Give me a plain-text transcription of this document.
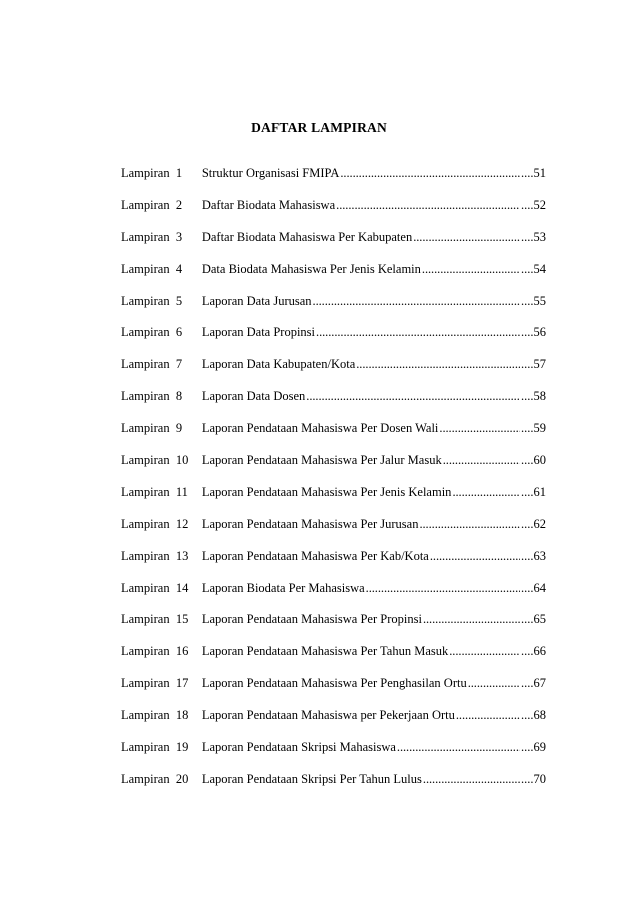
DAFTAR LAMPIRAN
Lampiran 1	Struktur Organisasi FMIPA . . .	....51
Lampiran 2	Daftar Biodata Mahasiswa . . .	....52
Lampiran 3	Daftar Biodata Mahasiswa Per Kabupaten . . .	....53
Lampiran 4	Data Biodata Mahasiswa Per Jenis Kelamin . . .	....54
Lampiran 5	Laporan Data Jurusan . . .	....55
Lampiran 6	Laporan Data Propinsi . . .	....56
Lampiran 7	Laporan Data Kabupaten/Kota . . .	....57
Lampiran 8	Laporan Data Dosen . . .	....58
Lampiran 9	Laporan Pendataan Mahasiswa Per Dosen Wali . . .	....59
Lampiran 10	Laporan Pendataan Mahasiswa Per Jalur Masuk . . .	....60
Lampiran 11	Laporan Pendataan Mahasiswa Per Jenis Kelamin . . .	....61
Lampiran 12	Laporan Pendataan Mahasiswa Per Jurusan . . .	....62
Lampiran 13	Laporan Pendataan Mahasiswa Per Kab/Kota . . .	....63
Lampiran 14	Laporan Biodata Per Mahasiswa . . .	....64
Lampiran 15	Laporan Pendataan Mahasiswa Per Propinsi . . .	....65
Lampiran 16	Laporan Pendataan Mahasiswa Per Tahun Masuk . . .	....66
Lampiran 17	Laporan Pendataan Mahasiswa Per Penghasilan Ortu . . .	....67
Lampiran 18	Laporan Pendataan Mahasiswa per Pekerjaan Ortu . . .	....68
Lampiran 19	Laporan Pendataan Skripsi Mahasiswa . . .	....69
Lampiran 20	Laporan Pendataan Skripsi Per Tahun Lulus . . .	....70
